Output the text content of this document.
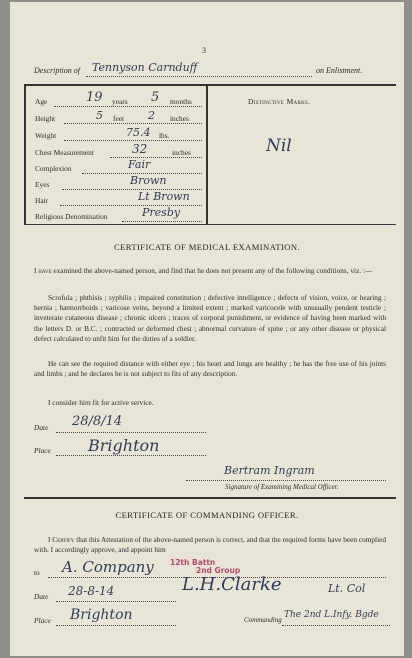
3
Description of Tennyson Carnduff	on Enlistment.
Age	19 years 5 months
Height	5 feet 2 inches
Weight	75.4 lbs.
Chest Measurement	32	inches
Complexion	Fair
Eyes	Brown
Hair	Lt Brown
Religious Denomination	Presby
Distinctive Marks.
Nil
CERTIFICATE OF MEDICAL EXAMINATION.
I have examined the above-named person, and find that he does not present any of the following conditions, viz. :—
Scrofula ; phthisis ; syphilis ; impaired constitution ; defective intelligence ; defects of vision, voice, or hearing ; hernia ; hæmorrhoids ; varicose veins, beyond a limited extent ; marked varicocele with unusually pendent testicle ; inveterate cutaneous disease ; chronic ulcers ; traces of corporal punishment, or evidence of having been marked with the letters D. or B.C. ; contracted or deformed chest ; abnormal curvature of spine ; or any other disease or physical defect calculated to unfit him for the duties of a soldier.
He can see the required distance with either eye ; his heart and lungs are healthy ; he has the free use of his joints and limbs ; and he declares he is not subject to fits of any description.
I consider him fit for active service.
Date 28/8/14
Place Brighton
Bertram Ingram
Signature of Examining Medical Officer.
CERTIFICATE OF COMMANDING OFFICER.
I Certify that this Attestation of the above-named person is correct, and that the required forms have been complied with. I accordingly approve, and appoint him
to A. Company 12th Battn
2nd Group
L.H.Clarke	Lt. Col
Date 28-8-14
Place Brighton	Commanding The 2nd L.Infy. Bgde
